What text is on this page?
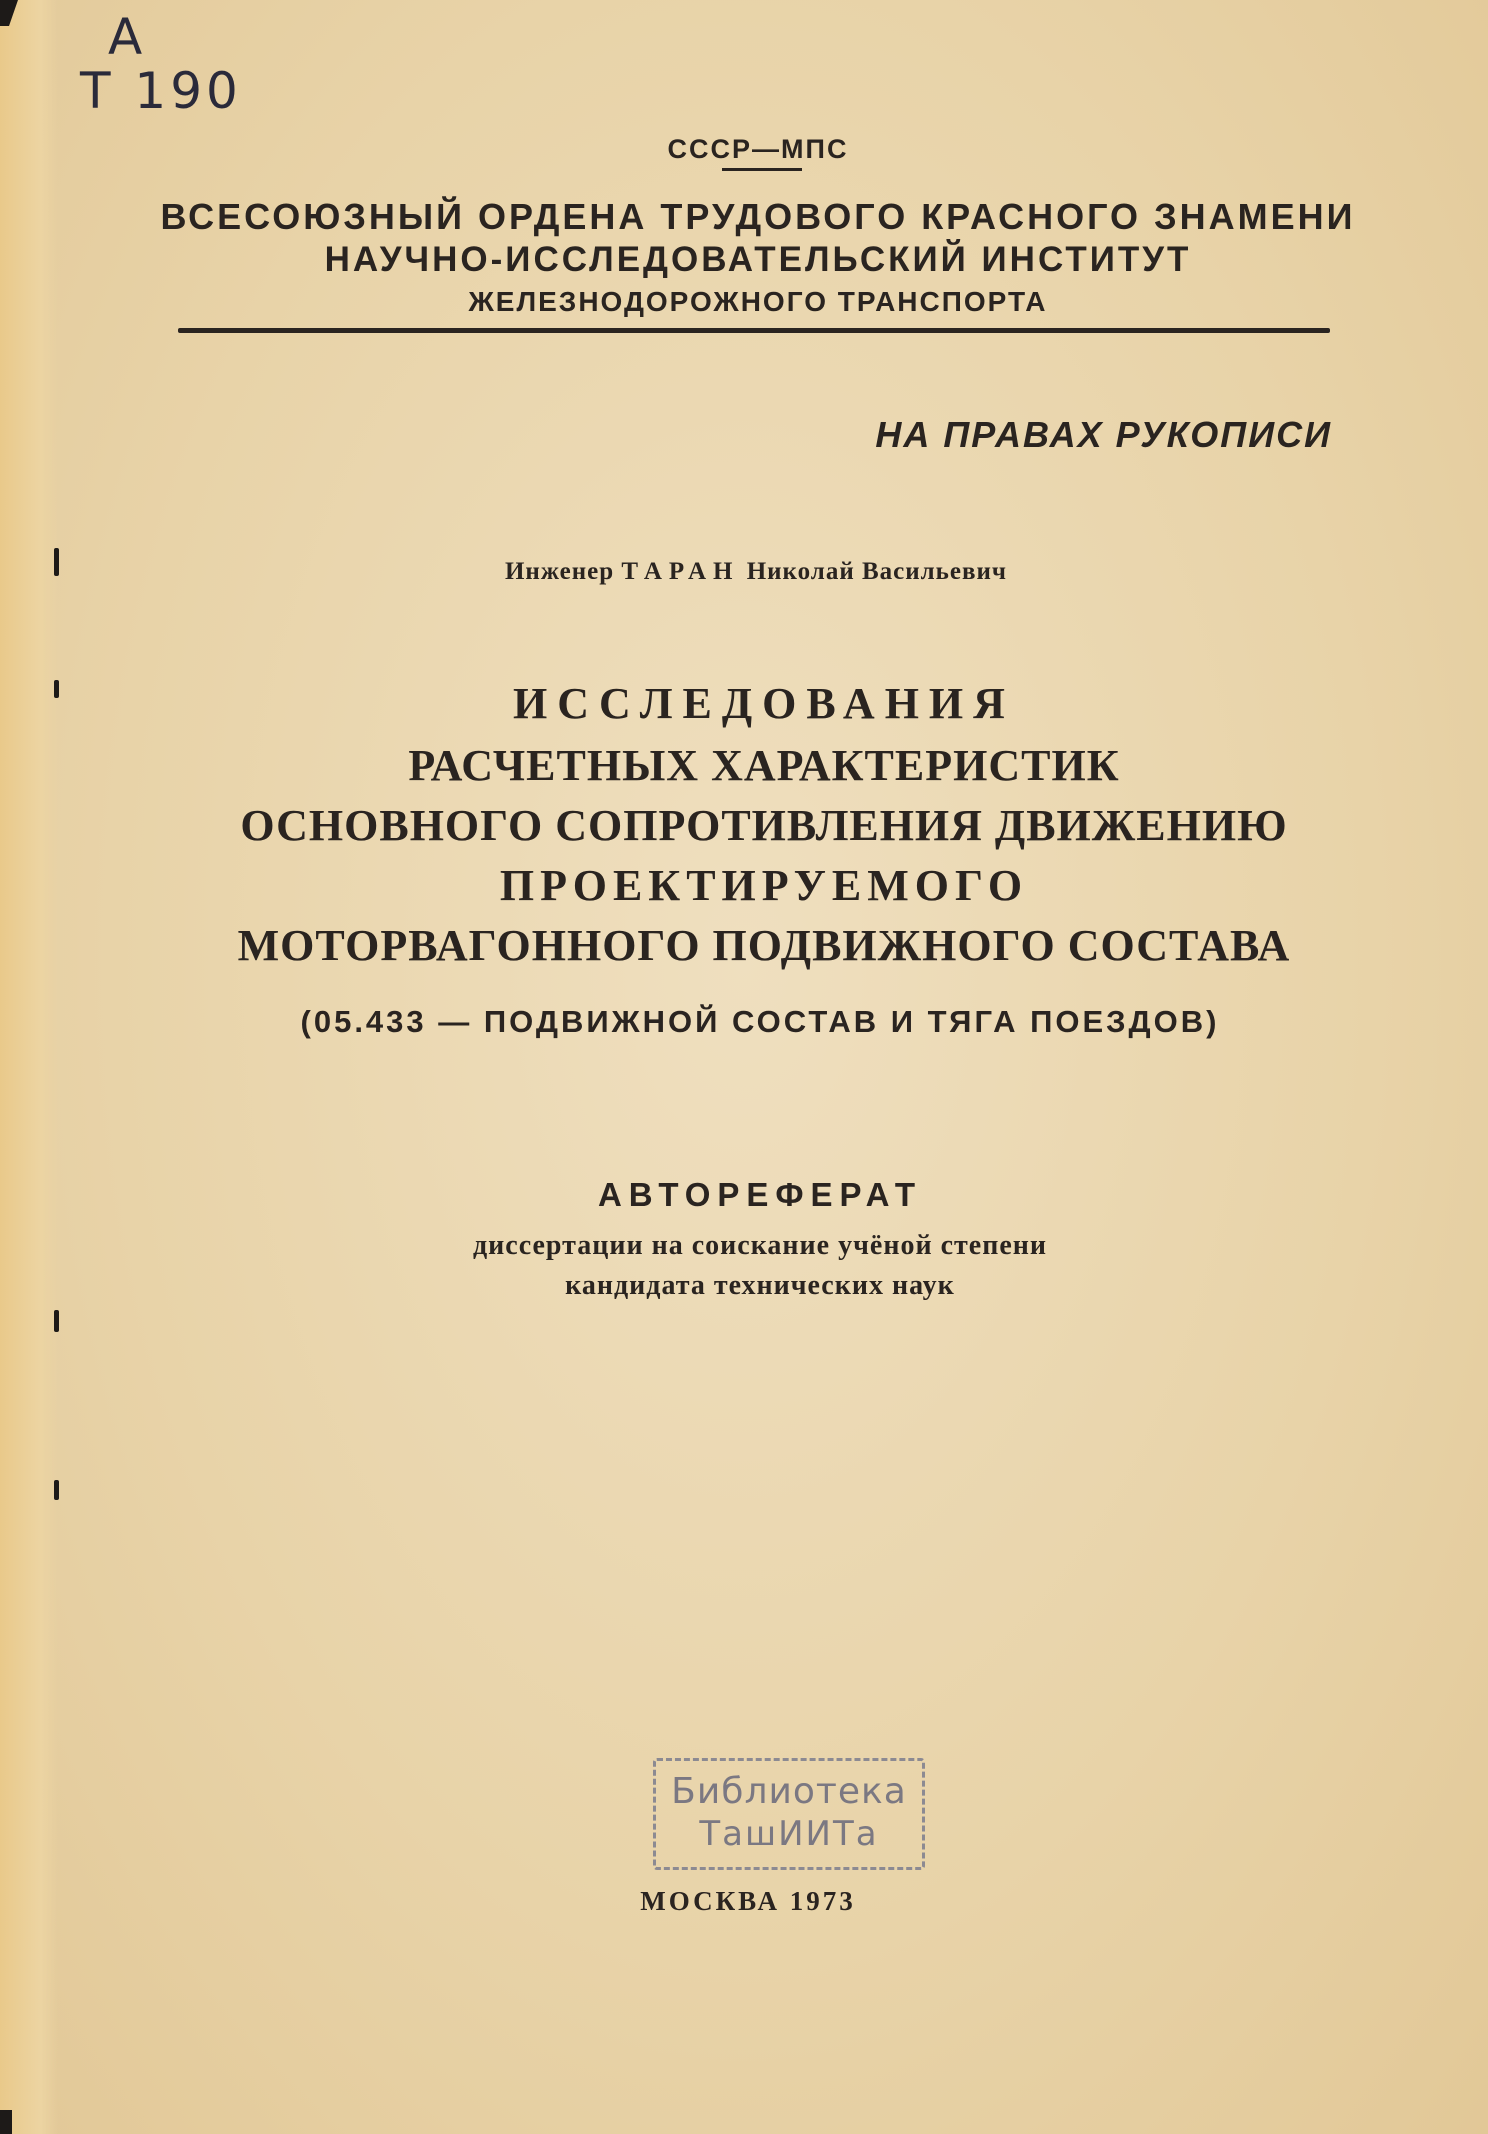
А
Т 190
СССР—МПС
ВСЕСОЮЗНЫЙ ОРДЕНА ТРУДОВОГО КРАСНОГО ЗНАМЕНИ
НАУЧНО-ИССЛЕДОВАТЕЛЬСКИЙ ИНСТИТУТ
ЖЕЛЕЗНОДОРОЖНОГО ТРАНСПОРТА
НА ПРАВАХ РУКОПИСИ
Инженер ТАРАН Николай Васильевич
ИССЛЕДОВАНИЯ
РАСЧЕТНЫХ ХАРАКТЕРИСТИК
ОСНОВНОГО СОПРОТИВЛЕНИЯ ДВИЖЕНИЮ
ПРОЕКТИРУЕМОГО
МОТОРВАГОННОГО ПОДВИЖНОГО СОСТАВА
(05.433 — ПОДВИЖНОЙ СОСТАВ И ТЯГА ПОЕЗДОВ)
АВТОРЕФЕРАТ
диссертации на соискание учёной степени
кандидата технических наук
Библиотека
ТашИИТа
МОСКВА 1973
